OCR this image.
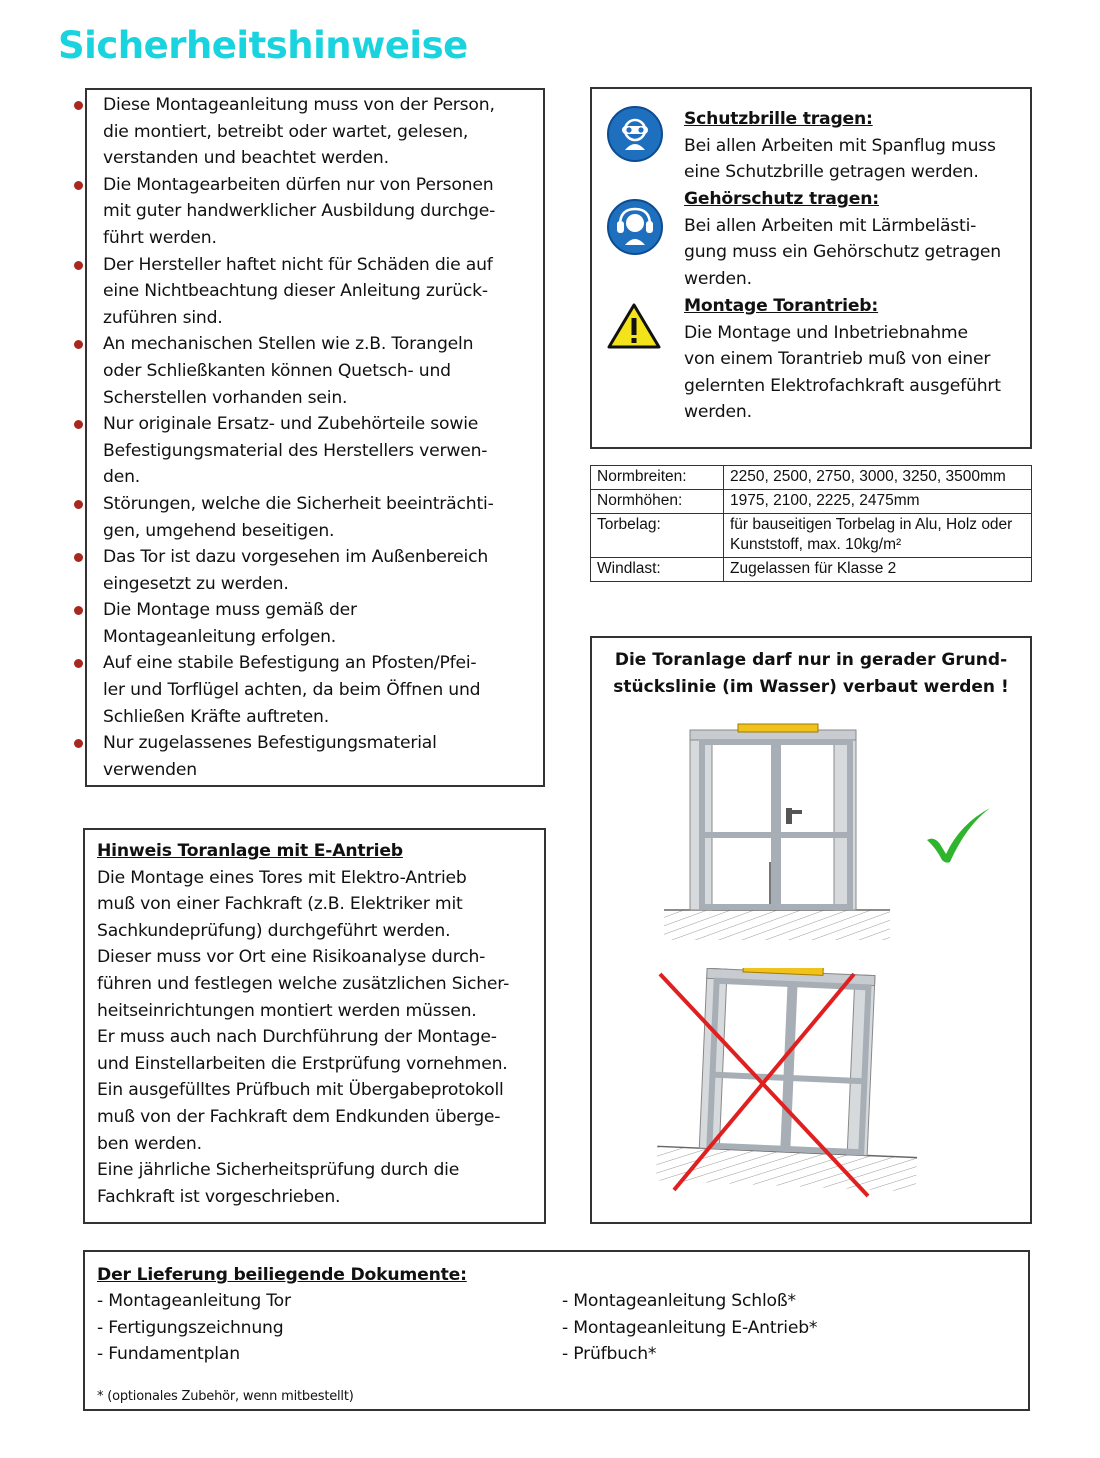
Sicherheitshinweise
Diese Montageanleitung muss von der Person,
die montiert, betreibt oder wartet, gelesen,
verstanden und beachtet werden.
Die Montagearbeiten dürfen nur von Personen
mit guter handwerklicher Ausbildung durchge-
führt werden.
Der Hersteller haftet nicht für Schäden die auf
eine Nichtbeachtung dieser Anleitung zurück-
zuführen sind.
An mechanischen Stellen wie z.B. Torangeln
oder Schließkanten können Quetsch- und
Scherstellen vorhanden sein.
Nur originale Ersatz- und Zubehörteile sowie
Befestigungsmaterial des Herstellers verwen-
den.
Störungen, welche die Sicherheit beeinträchti-
gen, umgehend beseitigen.
Das Tor ist dazu vorgesehen im Außenbereich
eingesetzt zu werden.
Die Montage muss gemäß der
Montageanleitung erfolgen.
Auf eine stabile Befestigung an Pfosten/Pfei-
ler und Torflügel achten, da beim Öffnen und
Schließen Kräfte auftreten.
Nur zugelassenes Befestigungsmaterial
verwenden
Schutzbrille tragen:
Bei allen Arbeiten mit Spanflug muss
eine Schutzbrille getragen werden.
Gehörschutz tragen:
Bei allen Arbeiten mit Lärmbelästi-
gung muss ein Gehörschutz getragen
werden.
Montage Torantrieb:
Die Montage und Inbetriebnahme
von einem Torantrieb muß von einer
gelernten Elektrofachkraft ausgeführt
werden.
Normbreiten:	2250, 2500, 2750, 3000, 3250, 3500mm
Normhöhen:	1975, 2100, 2225, 2475mm
Torbelag:	für bauseitigen Torbelag in Alu, Holz oder Kunststoff, max. 10kg/m²
Windlast:	Zugelassen für Klasse 2
Die Toranlage darf nur in gerader Grund-
stückslinie (im Wasser) verbaut werden !
Hinweis Toranlage mit E-Antrieb
Die Montage eines Tores mit Elektro-Antrieb
muß von einer Fachkraft (z.B. Elektriker mit
Sachkundeprüfung) durchgeführt werden.
Dieser muss vor Ort eine Risikoanalyse durch-
führen und festlegen welche zusätzlichen Sicher-
heitseinrichtungen montiert werden müssen.
Er muss auch nach Durchführung der Montage-
und Einstellarbeiten die Erstprüfung vornehmen.
Ein ausgefülltes Prüfbuch mit Übergabeprotokoll
muß von der Fachkraft dem Endkunden überge-
ben werden.
Eine jährliche Sicherheitsprüfung durch die
Fachkraft ist vorgeschrieben.
Der Lieferung beiliegende Dokumente:
- Montageanleitung Tor
- Fertigungszeichnung
- Fundamentplan
- Montageanleitung Schloß*
- Montageanleitung E-Antrieb*
- Prüfbuch*
* (optionales Zubehör, wenn mitbestellt)
